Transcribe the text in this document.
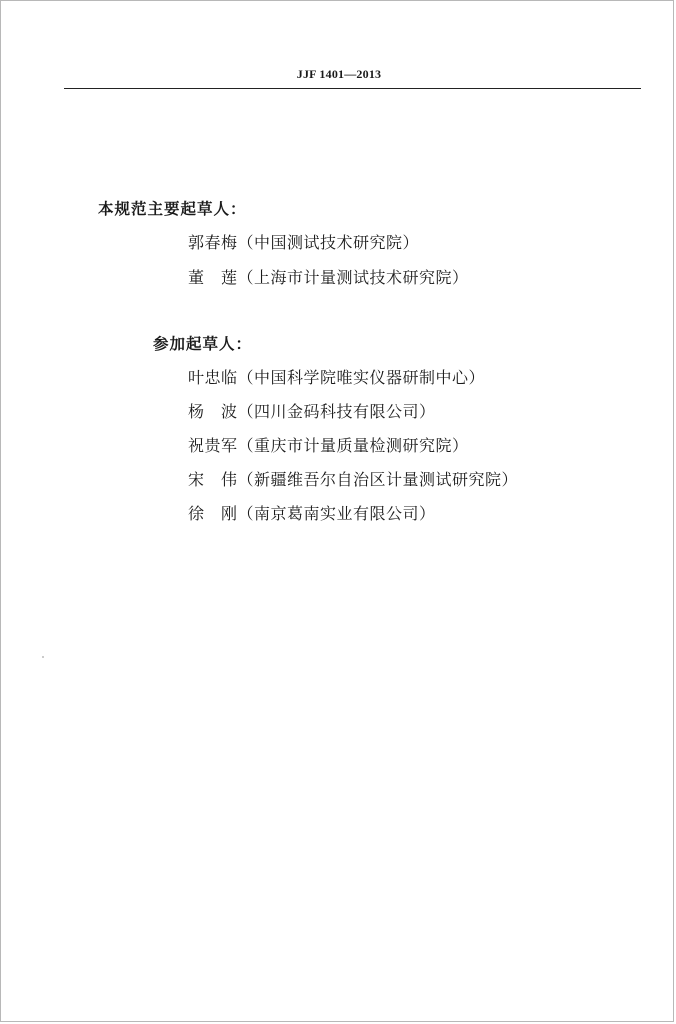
JJF 1401—2013
本规范主要起草人：
郭春梅（中国测试技术研究院）
董　莲（上海市计量测试技术研究院）
参加起草人：
叶忠临（中国科学院唯实仪器研制中心）
杨　波（四川金码科技有限公司）
祝贵军（重庆市计量质量检测研究院）
宋　伟（新疆维吾尔自治区计量测试研究院）
徐　刚（南京葛南实业有限公司）
